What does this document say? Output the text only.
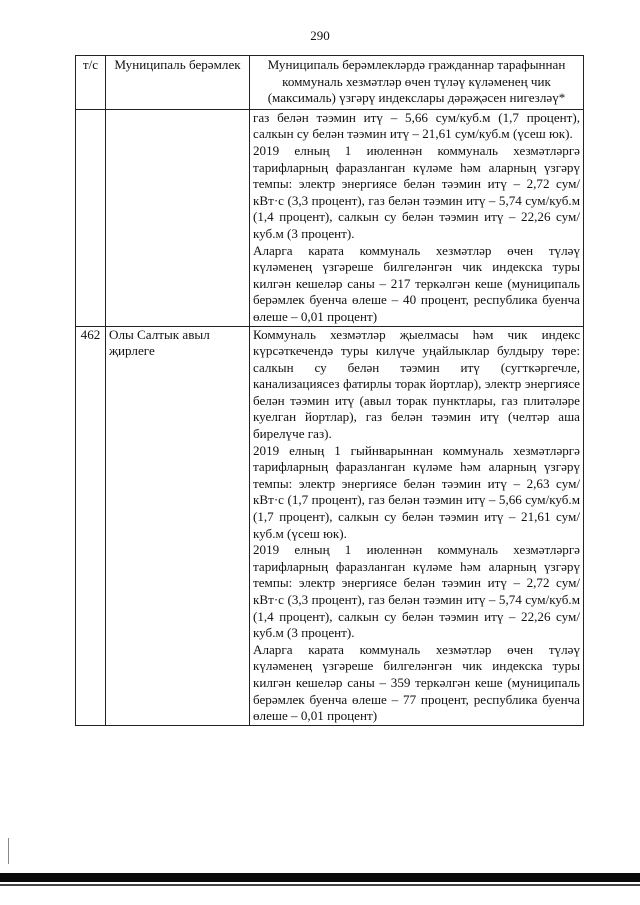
290
т/с	Муниципаль берәмлек	Муниципаль берәмлекләрдә гражданнар тарафыннан коммуналь хезмәтләр өчен түләү күләменең чик (максималь) үзгәрү индекслары дәрәҗәсен нигезләү*

		газ белән тәэмин итү – 5,66 сум/куб.м (1,7 процент), салкын су белән тәэмин итү – 21,61 сум/куб.м (үсеш юк).

2019 елның 1 июленнән коммуналь хезмәтләргә тарифларның фаразланган күләме һәм аларның үзгәрү темпы: электр энергиясе белән тәэмин итү – 2,72 сум/кВт·с (3,3 процент), газ белән тәэмин итү – 5,74 сум/куб.м (1,4 процент), салкын су белән тәэмин итү – 22,26 сум/куб.м (3 процент).

Аларга карата коммуналь хезмәтләр өчен түләү күләменең үзгәреше билгеләнгән чик индекска туры килгән кешеләр саны – 217 теркәлгән кеше (муниципаль берәмлек буенча өлеше – 40 процент, республика буенча өлеше – 0,01 процент)

462	Олы Салтык авыл җирлеге	Коммуналь хезмәтләр җыелмасы һәм чик индекс күрсәткечендә туры килүче уңайлыклар булдыру төре: салкын су белән тәэмин итү (сугткәргечле, канализациясез фатирлы торак йортлар), электр энергиясе белән тәэмин итү (авыл торак пунктлары, газ плитәләре куелган йортлар), газ белән тәэмин итү (челтәр аша бирелүче газ).

2019 елның 1 гыйнварыннан коммуналь хезмәтләргә тарифларның фаразланган күләме һәм аларның үзгәрү темпы: электр энергиясе белән тәэмин итү – 2,63 сум/кВт·с (1,7 процент), газ белән тәэмин итү – 5,66 сум/куб.м (1,7 процент), салкын су белән тәэмин итү – 21,61 сум/куб.м (үсеш юк).

2019 елның 1 июленнән коммуналь хезмәтләргә тарифларның фаразланган күләме һәм аларның үзгәрү темпы: электр энергиясе белән тәэмин итү – 2,72 сум/кВт·с (3,3 процент), газ белән тәэмин итү – 5,74 сум/куб.м (1,4 процент), салкын су белән тәэмин итү – 22,26 сум/куб.м (3 процент).

Аларга карата коммуналь хезмәтләр өчен түләү күләменең үзгәреше билгеләнгән чик индекска туры килгән кешеләр саны – 359 теркәлгән кеше (муниципаль берәмлек буенча өлеше – 77 процент, республика буенча өлеше – 0,01 процент)
